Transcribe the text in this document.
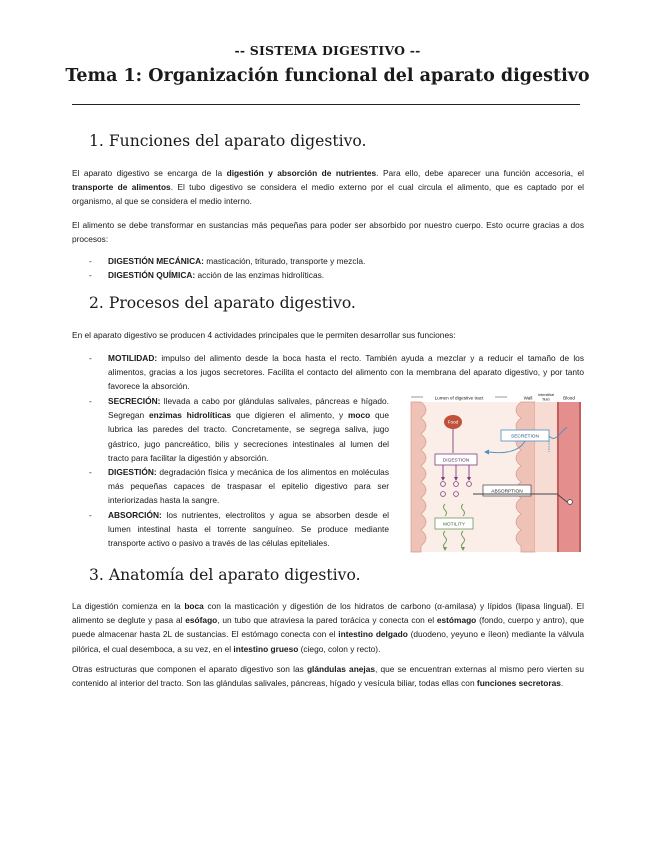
-- SISTEMA DIGESTIVO --
Tema 1: Organización funcional del aparato digestivo
1. Funciones del aparato digestivo.
El aparato digestivo se encarga de la digestión y absorción de nutrientes. Para ello, debe aparecer una función accesoria, el transporte de alimentos. El tubo digestivo se considera el medio externo por el cual circula el alimento, que es captado por el organismo, al que se considera el medio interno.
El alimento se debe transformar en sustancias más pequeñas para poder ser absorbido por nuestro cuerpo. Esto ocurre gracias a dos procesos:
- DIGESTIÓN MECÁNICA: masticación, triturado, transporte y mezcla.
- DIGESTIÓN QUÍMICA: acción de las enzimas hidrolíticas.
2. Procesos del aparato digestivo.
En el aparato digestivo se producen 4 actividades principales que le permiten desarrollar sus funciones:
- MOTILIDAD: impulso del alimento desde la boca hasta el recto. También ayuda a mezclar y a reducir el tamaño de los alimentos, gracias a los jugos secretores. Facilita el contacto del alimento con la membrana del aparato digestivo, y por tanto favorece la absorción.
- SECRECIÓN: llevada a cabo por glándulas salivales, páncreas e hígado. Segregan enzimas hidrolíticas que digieren el alimento, y moco que lubrica las paredes del tracto. Concretamente, se segrega saliva, jugo gástrico, jugo pancreático, bilis y secreciones intestinales al lumen del tracto para facilitar la digestión y absorción.
- DIGESTIÓN: degradación física y mecánica de los alimentos en moléculas más pequeñas capaces de traspasar el epitelio digestivo para ser interiorizadas hasta la sangre.
- ABSORCIÓN: los nutrientes, electrolitos y agua se absorben desde el lumen intestinal hasta el torrente sanguíneo. Se produce mediante transporte activo o pasivo a través de las células epiteliales.
Lumen of digestive tract	Wall
Interstitial
fluid	Blood
Food
SECRETION
DIGESTION
ABSORPTION
MOTILITY
3. Anatomía del aparato digestivo.
La digestión comienza en la boca con la masticación y digestión de los hidratos de carbono (α-amilasa) y lípidos (lipasa lingual). El alimento se deglute y pasa al esófago, un tubo que atraviesa la pared torácica y conecta con el estómago (fondo, cuerpo y antro), que puede almacenar hasta 2L de sustancias. El estómago conecta con el intestino delgado (duodeno, yeyuno e íleon) mediante la válvula pilórica, el cual desemboca, a su vez, en el intestino grueso (ciego, colon y recto).
Otras estructuras que componen el aparato digestivo son las glándulas anejas, que se encuentran externas al mismo pero vierten su contenido al interior del tracto. Son las glándulas salivales, páncreas, hígado y vesícula biliar, todas ellas con funciones secretoras.
